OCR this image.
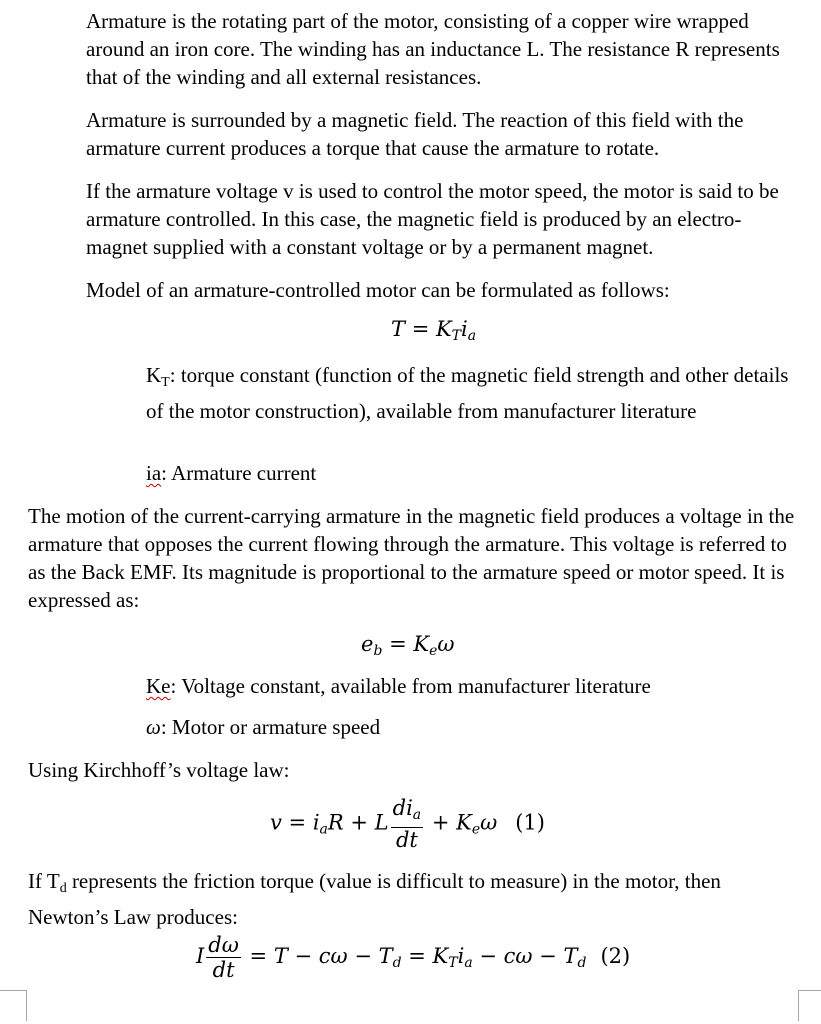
Armature is the rotating part of the motor, consisting of a copper wire wrapped around an iron core. The winding has an inductance L. The resistance R represents that of the winding and all external resistances.

Armature is surrounded by a magnetic field. The reaction of this field with the armature current produces a torque that cause the armature to rotate.

If the armature voltage v is used to control the motor speed, the motor is said to be armature controlled. In this case, the magnetic field is produced by an electro-magnet supplied with a constant voltage or by a permanent magnet.

Model of an armature-controlled motor can be formulated as follows:

$T = K_Ti_a$

KT: torque constant (function of the magnetic field strength and other details of the motor construction), available from manufacturer literature

ia: Armature current

The motion of the current-carrying armature in the magnetic field produces a voltage in the armature that opposes the current flowing through the armature. This voltage is referred to as the Back EMF. Its magnitude is proportional to the armature speed or motor speed. It is expressed as:

$e_b = K_e\omega$

Ke: Voltage constant, available from manufacturer literature

ω: Motor or armature speed

Using Kirchhoff’s voltage law:

$v = i_aR + L \frac{di_a}{dt} + K_e\omega$ (1)

If Td represents the friction torque (value is difficult to measure) in the motor, then Newton’s Law produces:

I $\frac{d\omega}{dt} = T - c\omega - T_d = K_Ti_a - c\omega - T_d$ (2)
